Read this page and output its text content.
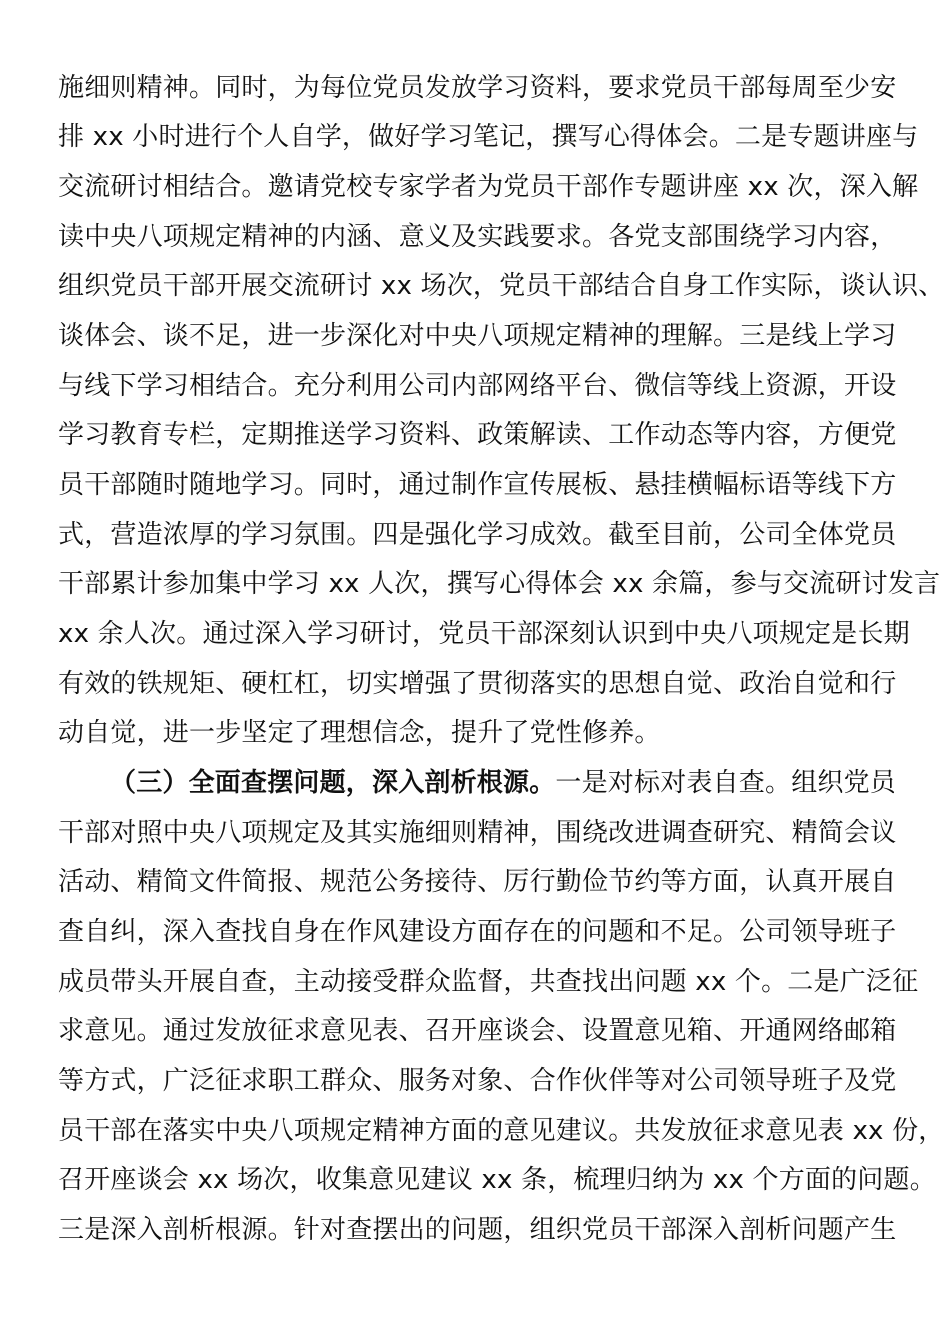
施细则精神。同时，为每位党员发放学习资料，要求党员干部每周至少安
排 xx 小时进行个人自学，做好学习笔记，撰写心得体会。二是专题讲座与
交流研讨相结合。邀请党校专家学者为党员干部作专题讲座 xx 次，深入解
读中央八项规定精神的内涵、意义及实践要求。各党支部围绕学习内容，
组织党员干部开展交流研讨 xx 场次，党员干部结合自身工作实际，谈认识、
谈体会、谈不足，进一步深化对中央八项规定精神的理解。三是线上学习
与线下学习相结合。充分利用公司内部网络平台、微信等线上资源，开设
学习教育专栏，定期推送学习资料、政策解读、工作动态等内容，方便党
员干部随时随地学习。同时，通过制作宣传展板、悬挂横幅标语等线下方
式，营造浓厚的学习氛围。四是强化学习成效。截至目前，公司全体党员
干部累计参加集中学习 xx 人次，撰写心得体会 xx 余篇，参与交流研讨发言
xx 余人次。通过深入学习研讨，党员干部深刻认识到中央八项规定是长期
有效的铁规矩、硬杠杠，切实增强了贯彻落实的思想自觉、政治自觉和行
动自觉，进一步坚定了理想信念，提升了党性修养。
（三）全面查摆问题，深入剖析根源。一是对标对表自查。组织党员
干部对照中央八项规定及其实施细则精神，围绕改进调查研究、精简会议
活动、精简文件简报、规范公务接待、厉行勤俭节约等方面，认真开展自
查自纠，深入查找自身在作风建设方面存在的问题和不足。公司领导班子
成员带头开展自查，主动接受群众监督，共查找出问题 xx 个。二是广泛征
求意见。通过发放征求意见表、召开座谈会、设置意见箱、开通网络邮箱
等方式，广泛征求职工群众、服务对象、合作伙伴等对公司领导班子及党
员干部在落实中央八项规定精神方面的意见建议。共发放征求意见表 xx 份，
召开座谈会 xx 场次，收集意见建议 xx 条，梳理归纳为 xx 个方面的问题。
三是深入剖析根源。针对查摆出的问题，组织党员干部深入剖析问题产生
